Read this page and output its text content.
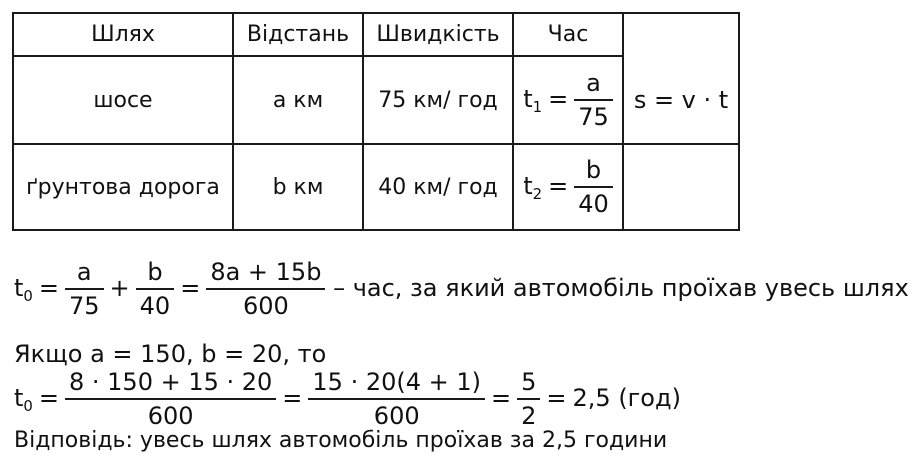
Шлях	Відстань	Швидкість	Час	
шосе	a км	75 км/ год	$t_1 = \frac{a}{75}$	s = v · t
ґрунтова дорога	b км	40 км/ год	$t_2 = \frac{b}{40}$

$t_0 = \frac{a}{75} + \frac{b}{40} = \frac{8a + 15b}{600}$ – час, за який автомобіль проїхав увесь шлях
Якщо a = 150, b = 20, то
$t_0 = \frac{8 \cdot 150 + 15 \cdot 20}{600} = \frac{15 \cdot 20(4 + 1)}{600} = \frac{5}{2} = 2,5$ (год)
Відповідь: увесь шлях автомобіль проїхав за 2,5 години
